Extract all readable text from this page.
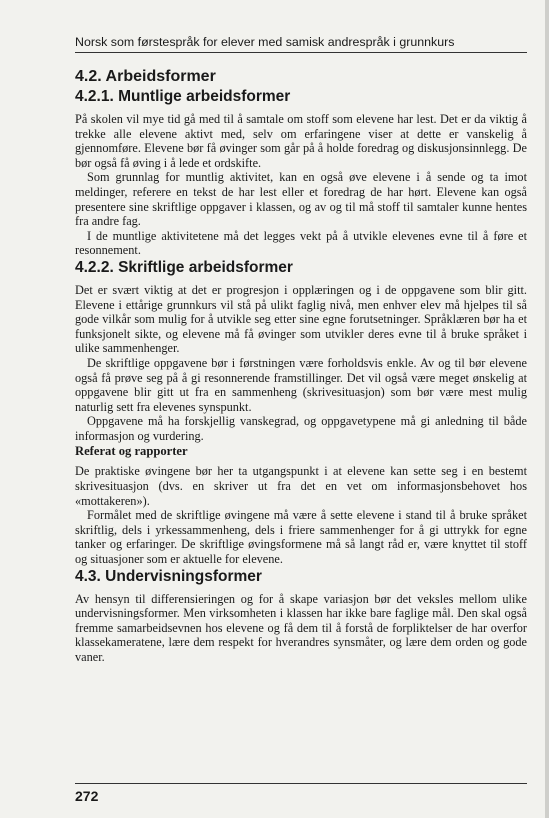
Norsk som førstespråk for elever med samisk andrespråk i grunnkurs
4.2. Arbeidsformer
4.2.1. Muntlige arbeidsformer

På skolen vil mye tid gå med til å samtale om stoff som elevene har lest. Det er da viktig å trekke alle elevene aktivt med, selv om erfaringene viser at dette er vanskelig å gjennomføre. Elevene bør få øvinger som går på å holde foredrag og diskusjonsinnlegg. De bør også få øving i å lede et ordskifte.

Som grunnlag for muntlig aktivitet, kan en også øve elevene i å sende og ta imot meldinger, referere en tekst de har lest eller et foredrag de har hørt. Elevene kan også presentere sine skriftlige oppgaver i klassen, og av og til må stoff til samtaler kunne hentes fra andre fag.

I de muntlige aktivitetene må det legges vekt på å utvikle elevenes evne til å føre et resonnement.

4.2.2. Skriftlige arbeidsformer

Det er svært viktig at det er progresjon i opplæringen og i de oppgavene som blir gitt. Elevene i ettårige grunnkurs vil stå på ulikt faglig nivå, men enhver elev må hjelpes til så gode vilkår som mulig for å utvikle seg etter sine egne forutsetninger. Språklæren bør ha et funksjonelt sikte, og elevene må få øvinger som utvikler deres evne til å bruke språket i ulike sammenhenger.

De skriftlige oppgavene bør i førstningen være forholdsvis enkle. Av og til bør elevene også få prøve seg på å gi resonnerende framstillinger. Det vil også være meget ønskelig at oppgavene blir gitt ut fra en sammenheng (skrivesituasjon) som bør være mest mulig naturlig sett fra elevenes synspunkt.

Oppgavene må ha forskjellig vanskegrad, og oppgavetypene må gi anledning til både informasjon og vurdering.

Referat og rapporter

De praktiske øvingene bør her ta utgangspunkt i at elevene kan sette seg i en bestemt skrivesituasjon (dvs. en skriver ut fra det en vet om informasjonsbehovet hos «mottakeren»).

Formålet med de skriftlige øvingene må være å sette elevene i stand til å bruke språket skriftlig, dels i yrkessammenheng, dels i friere sammenhenger for å gi uttrykk for egne tanker og erfaringer. De skriftlige øvingsformene må så langt råd er, være knyttet til stoff og situasjoner som er aktuelle for elevene.

4.3. Undervisningsformer

Av hensyn til differensieringen og for å skape variasjon bør det veksles mellom ulike undervisningsformer. Men virksomheten i klassen har ikke bare faglige mål. Den skal også fremme samarbeidsevnen hos elevene og få dem til å forstå de forpliktelser de har overfor klassekameratene, lære dem respekt for hverandres synsmåter, og lære dem orden og gode vaner.

272
